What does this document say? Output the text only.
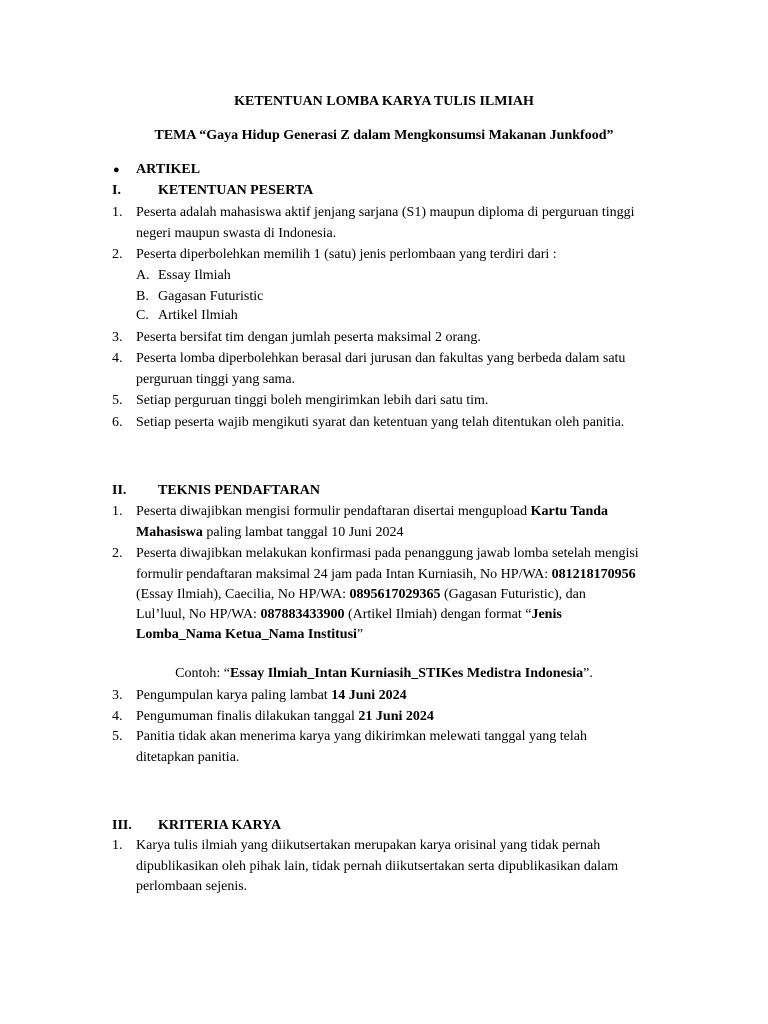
KETENTUAN LOMBA KARYA TULIS ILMIAH
TEMA “Gaya Hidup Generasi Z dalam Mengkonsumsi Makanan Junkfood”
● ARTIKEL
I.	KETENTUAN PESERTA
1. Peserta adalah mahasiswa aktif jenjang sarjana (S1) maupun diploma di perguruan tinggi
negeri maupun swasta di Indonesia.
2. Peserta diperbolehkan memilih 1 (satu) jenis perlombaan yang terdiri dari :
A. Essay Ilmiah
B. Gagasan Futuristic
C. Artikel Ilmiah
3. Peserta bersifat tim dengan jumlah peserta maksimal 2 orang.
4. Peserta lomba diperbolehkan berasal dari jurusan dan fakultas yang berbeda dalam satu
perguruan tinggi yang sama.
5. Setiap perguruan tinggi boleh mengirimkan lebih dari satu tim.
6. Setiap peserta wajib mengikuti syarat dan ketentuan yang telah ditentukan oleh panitia.
II. TEKNIS PENDAFTARAN
1. Peserta diwajibkan mengisi formulir pendaftaran disertai mengupload Kartu Tanda
Mahasiswa paling lambat tanggal 10 Juni 2024
2. Peserta diwajibkan melakukan konfirmasi pada penanggung jawab lomba setelah mengisi
formulir pendaftaran maksimal 24 jam pada Intan Kurniasih, No HP/WA: 081218170956
(Essay Ilmiah), Caecilia, No HP/WA: 0895617029365 (Gagasan Futuristic), dan
Lul’luul, No HP/WA: 087883433900 (Artikel Ilmiah) dengan format “Jenis
Lomba_Nama Ketua_Nama Institusi”
Contoh: “Essay Ilmiah_Intan Kurniasih_STIKes Medistra Indonesia”.
3. Pengumpulan karya paling lambat 14 Juni 2024
4. Pengumuman finalis dilakukan tanggal 21 Juni 2024
5. Panitia tidak akan menerima karya yang dikirimkan melewati tanggal yang telah
ditetapkan panitia.
III. KRITERIA KARYA
1. Karya tulis ilmiah yang diikutsertakan merupakan karya orisinal yang tidak pernah
dipublikasikan oleh pihak lain, tidak pernah diikutsertakan serta dipublikasikan dalam
perlombaan sejenis.
